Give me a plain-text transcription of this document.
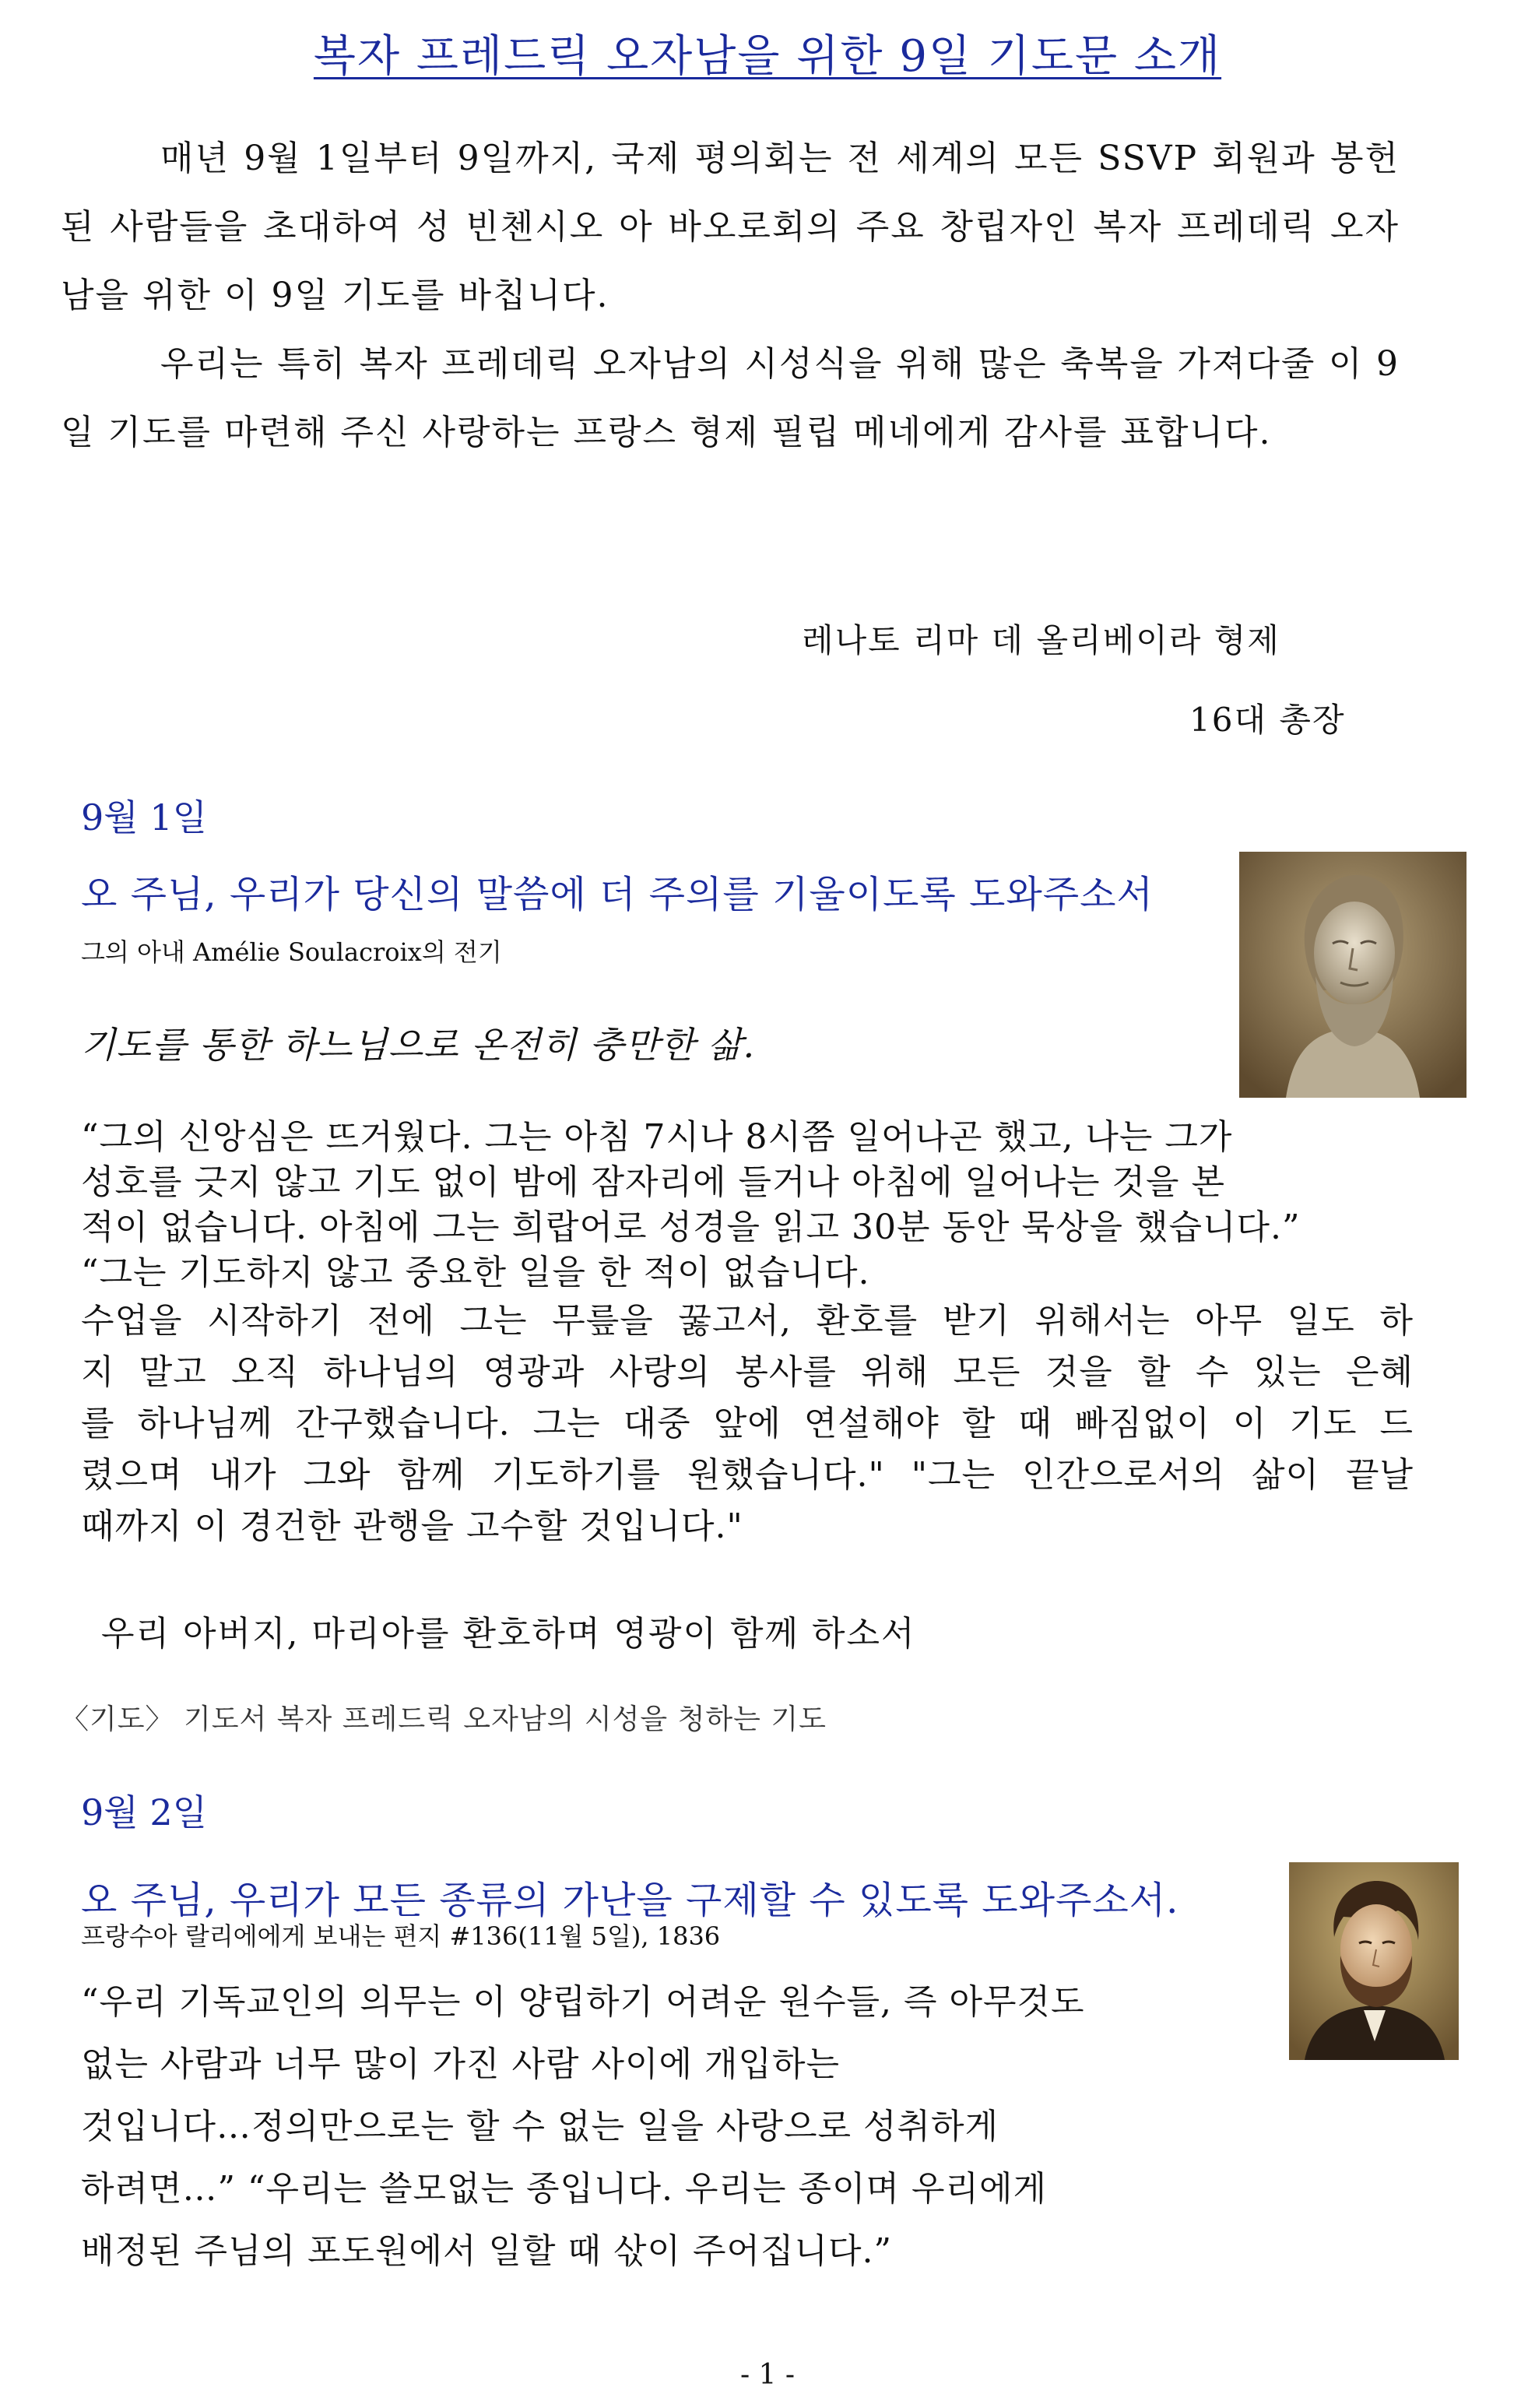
복자 프레드릭 오자남을 위한 9일 기도문 소개

매년 9월 1일부터 9일까지, 국제 평의회는 전 세계의 모든 SSVP 회원과 봉헌된 사람들을 초대하여 성 빈첸시오 아 바오로회의 주요 창립자인 복자 프레데릭 오자남을 위한 이 9일 기도를 바칩니다.

우리는 특히 복자 프레데릭 오자남의 시성식을 위해 많은 축복을 가져다줄 이 9일 기도를 마련해 주신 사랑하는 프랑스 형제 필립 메네에게 감사를 표합니다.

레나토 리마 데 올리베이라 형제
16대 총장
9월 1일
오 주님, 우리가 당신의 말씀에 더 주의를 기울이도록 도와주소서
그의 아내 Amélie Soulacroix의 전기
기도를 통한 하느님으로 온전히 충만한 삶.
“그의 신앙심은 뜨거웠다. 그는 아침 7시나 8시쯤 일어나곤 했고, 나는 그가
성호를 긋지 않고 기도 없이 밤에 잠자리에 들거나 아침에 일어나는 것을 본
적이 없습니다. 아침에 그는 희랍어로 성경을 읽고 30분 동안 묵상을 했습니다.”
“그는 기도하지 않고 중요한 일을 한 적이 없습니다.
수업을 시작하기 전에 그는 무릎을 꿇고서, 환호를 받기 위해서는 아무 일도 하
지 말고 오직 하나님의 영광과 사랑의 봉사를 위해 모든 것을 할 수 있는 은혜
를 하나님께 간구했습니다. 그는 대중 앞에 연설해야 할 때 빠짐없이 이 기도 드
렸으며 내가 그와 함께 기도하기를 원했습니다." "그는 인간으로서의 삶이 끝날
때까지 이 경건한 관행을 고수할 것입니다."
우리 아버지, 마리아를 환호하며 영광이 함께 하소서
〈기도〉 기도서 복자 프레드릭 오자남의 시성을 청하는 기도
9월 2일
오 주님, 우리가 모든 종류의 가난을 구제할 수 있도록 도와주소서.
프랑수아 랄리에에게 보내는 편지 #136(11월 5일), 1836
“우리 기독교인의 의무는 이 양립하기 어려운 원수들, 즉 아무것도
없는 사람과 너무 많이 가진 사람 사이에 개입하는
것입니다…정의만으로는 할 수 없는 일을 사랑으로 성취하게
하려면…” “우리는 쓸모없는 종입니다. 우리는 종이며 우리에게
배정된 주님의 포도원에서 일할 때 삯이 주어집니다.”
- 1 -
